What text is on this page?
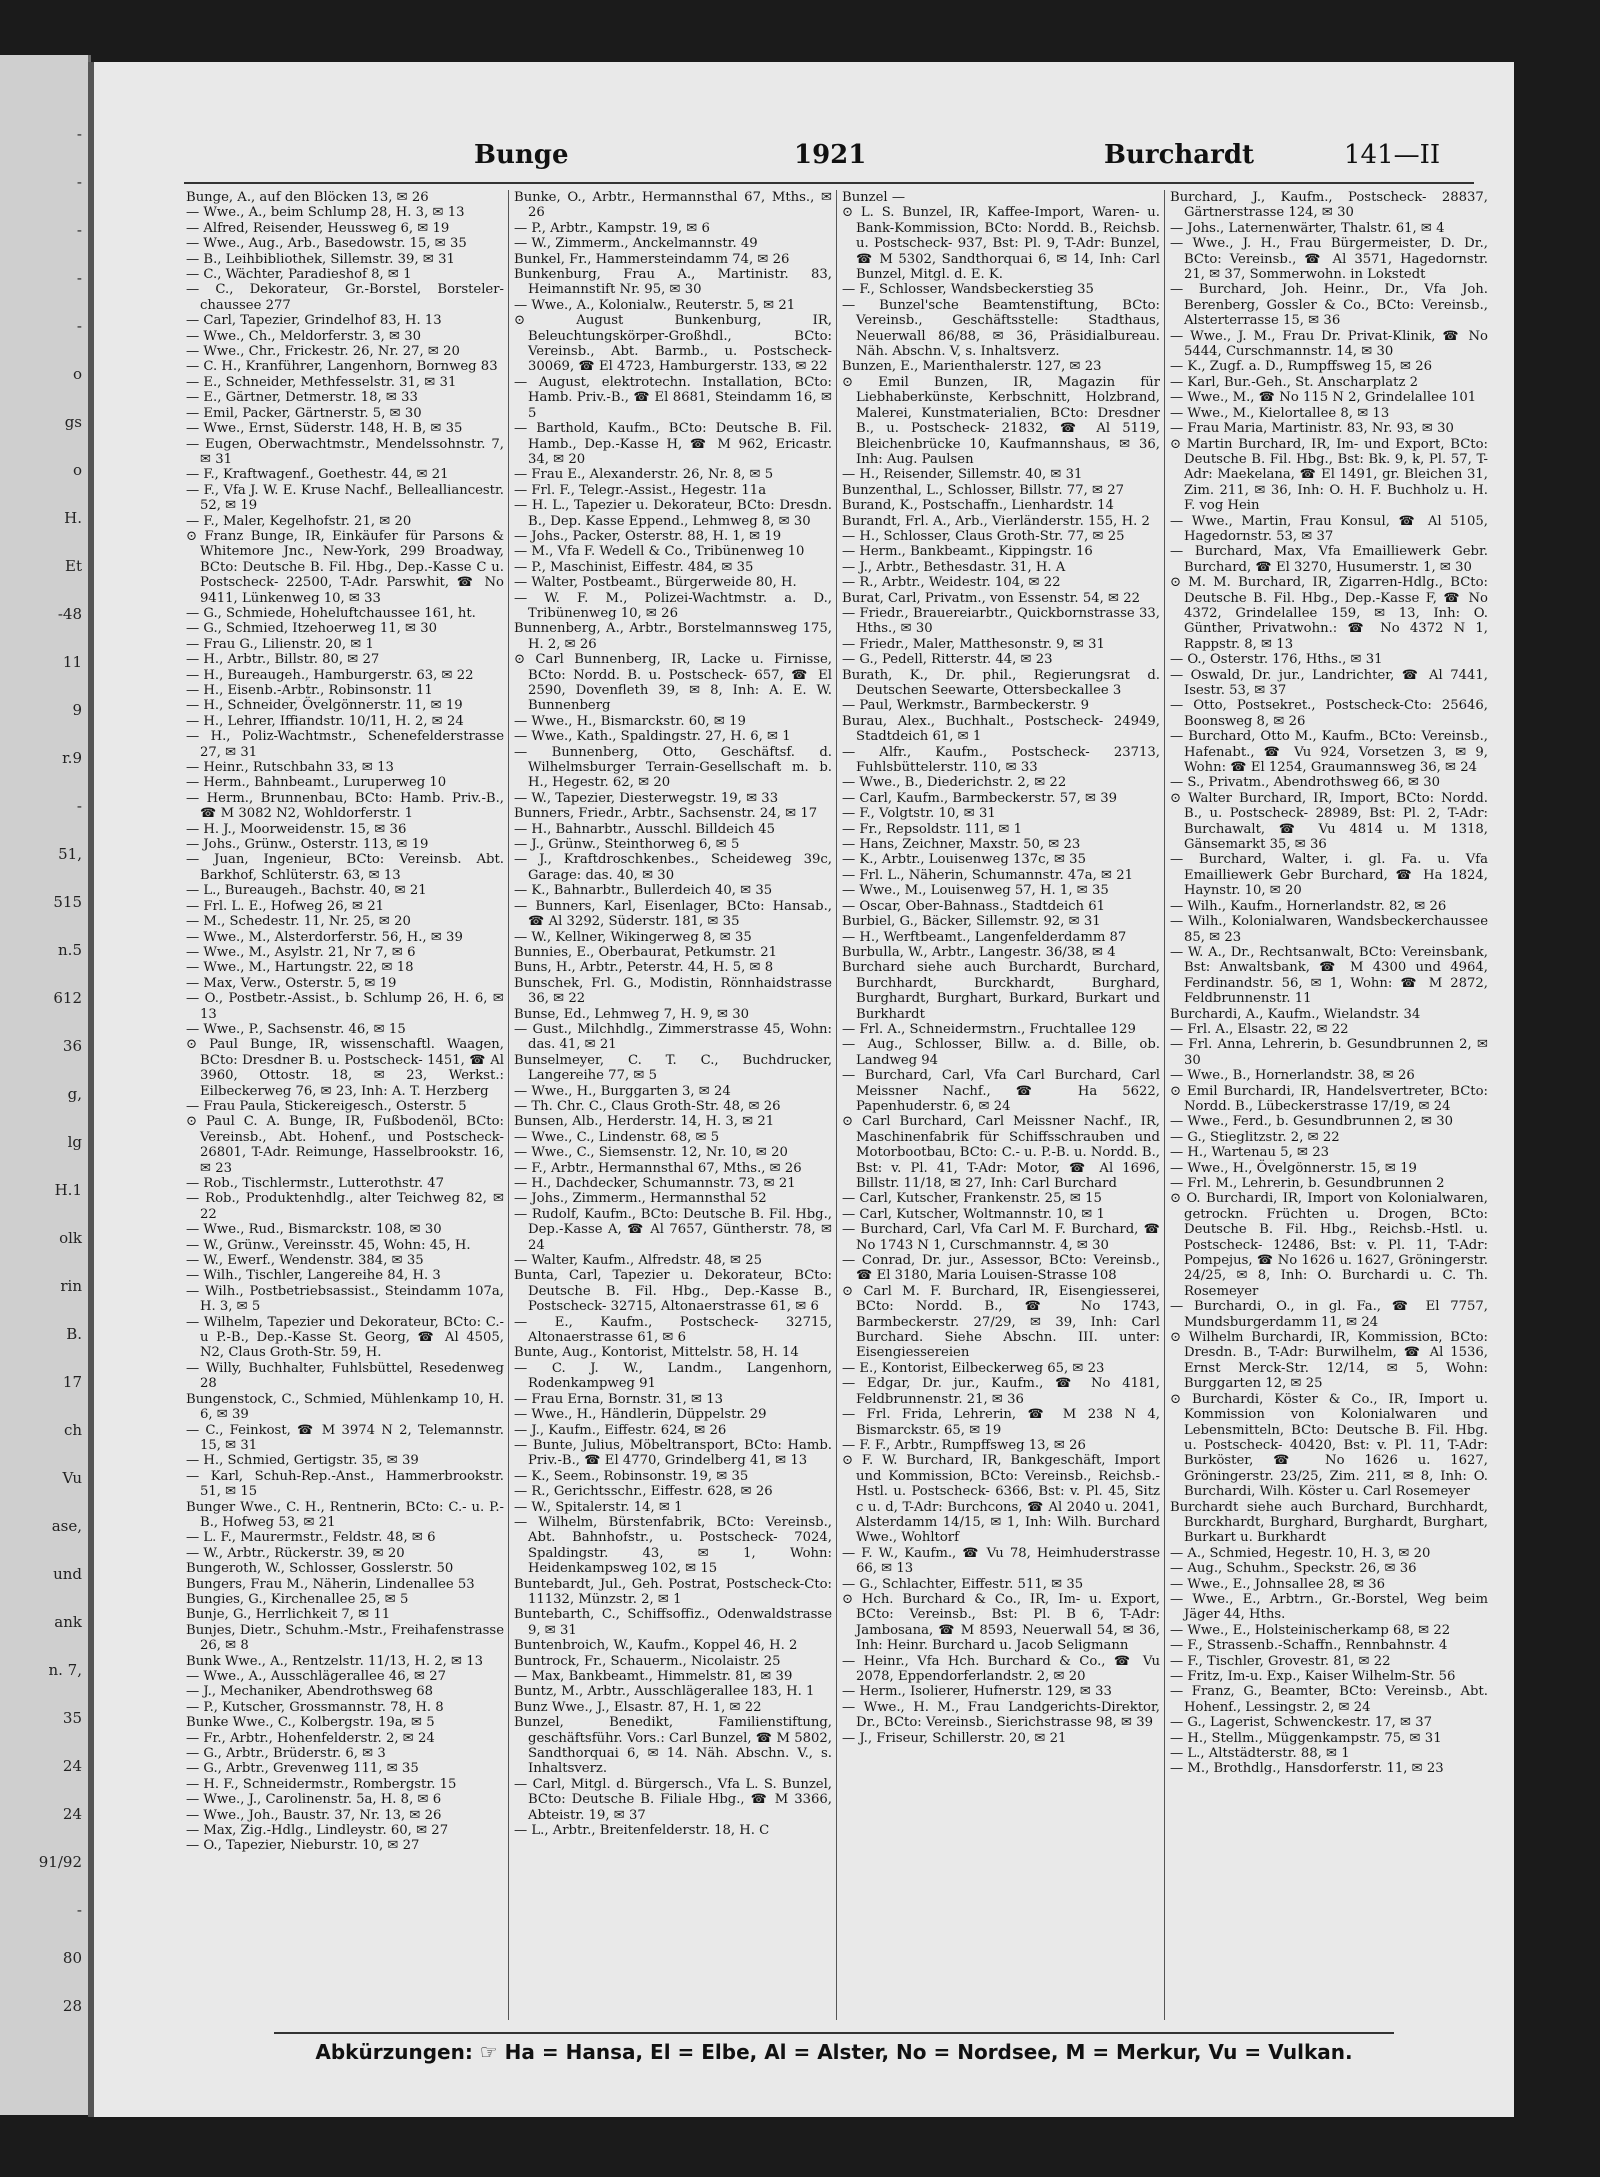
-
-
-
-
-
o
gs
o
H.
Et
-48
11
9
r.9
-
51,
515
n.5
612
36
g,
lg
H.1
olk
rin
B.
17
ch
Vu
ase,
und
ank
n. 7,
35
24
24
91/92
-
80
28
Bunge	1921	Burchardt	141—II

Bunge, A., auf den Blöcken 13, ✉ 26

— Wwe., A., beim Schlump 28, H. 3, ✉ 13

— Alfred, Reisender, Heussweg 6, ✉ 19

— Wwe., Aug., Arb., Basedowstr. 15, ✉ 35

— B., Leihbibliothek, Sillemstr. 39, ✉ 31

— C., Wächter, Paradieshof 8, ✉ 1

— C., Dekorateur, Gr.-Borstel, Borsteler-chaussee 277

— Carl, Tapezier, Grindelhof 83, H. 13

— Wwe., Ch., Meldorferstr. 3, ✉ 30

— Wwe., Chr., Frickestr. 26, Nr. 27, ✉ 20

— C. H., Kranführer, Langenhorn, Bornweg 83

— E., Schneider, Methfesselstr. 31, ✉ 31

— E., Gärtner, Detmerstr. 18, ✉ 33

— Emil, Packer, Gärtnerstr. 5, ✉ 30

— Wwe., Ernst, Süderstr. 148, H. B, ✉ 35

— Eugen, Oberwachtmstr., Mendelssohnstr. 7, ✉ 31

— F., Kraftwagenf., Goethestr. 44, ✉ 21

— F., Vfa J. W. E. Kruse Nachf., Bellealliancestr. 52, ✉ 19

— F., Maler, Kegelhofstr. 21, ✉ 20

⊙ Franz Bunge, IR, Einkäufer für Parsons & Whitemore Jnc., New-York, 299 Broadway, BCto: Deutsche B. Fil. Hbg., Dep.-Kasse C u. Postscheck- 22500, T-Adr. Parswhit, ☎ No 9411, Lünkenweg 10, ✉ 33

— G., Schmiede, Hoheluftchaussee 161, ht.

— G., Schmied, Itzehoerweg 11, ✉ 30

— Frau G., Lilienstr. 20, ✉ 1

— H., Arbtr., Billstr. 80, ✉ 27

— H., Bureaugeh., Hamburgerstr. 63, ✉ 22

— H., Eisenb.-Arbtr., Robinsonstr. 11

— H., Schneider, Övelgönnerstr. 11, ✉ 19

— H., Lehrer, Iffiandstr. 10/11, H. 2, ✉ 24

— H., Poliz-Wachtmstr., Schenefelderstrasse 27, ✉ 31

— Heinr., Rutschbahn 33, ✉ 13

— Herm., Bahnbeamt., Luruperweg 10

— Herm., Brunnenbau, BCto: Hamb. Priv.-B., ☎ M 3082 N2, Wohldorferstr. 1

— H. J., Moorweidenstr. 15, ✉ 36

— Johs., Grünw., Osterstr. 113, ✉ 19

— Juan, Ingenieur, BCto: Vereinsb. Abt. Barkhof, Schlüterstr. 63, ✉ 13

— L., Bureaugeh., Bachstr. 40, ✉ 21

— Frl. L. E., Hofweg 26, ✉ 21

— M., Schedestr. 11, Nr. 25, ✉ 20

— Wwe., M., Alsterdorferstr. 56, H., ✉ 39

— Wwe., M., Asylstr. 21, Nr 7, ✉ 6

— Wwe., M., Hartungstr. 22, ✉ 18

— Max, Verw., Osterstr. 5, ✉ 19

— O., Postbetr.-Assist., b. Schlump 26, H. 6, ✉ 13

— Wwe., P., Sachsenstr. 46, ✉ 15

⊙ Paul Bunge, IR, wissenschaftl. Waagen, BCto: Dresdner B. u. Postscheck- 1451, ☎ Al 3960, Ottostr. 18, ✉ 23, Werkst.: Eilbeckerweg 76, ✉ 23, Inh: A. T. Herzberg

— Frau Paula, Stickereigesch., Osterstr. 5

⊙ Paul C. A. Bunge, IR, Fußbodenöl, BCto: Vereinsb., Abt. Hohenf., und Postscheck- 26801, T-Adr. Reimunge, Hasselbrookstr. 16, ✉ 23

— Rob., Tischlermstr., Lutterothstr. 47

— Rob., Produktenhdlg., alter Teichweg 82, ✉ 22

— Wwe., Rud., Bismarckstr. 108, ✉ 30

— W., Grünw., Vereinsstr. 45, Wohn: 45, H.

— W., Ewerf., Wendenstr. 384, ✉ 35

— Wilh., Tischler, Langereihe 84, H. 3

— Wilh., Postbetriebsassist., Steindamm 107a, H. 3, ✉ 5

— Wilhelm, Tapezier und Dekorateur, BCto: C.-u P.-B., Dep.-Kasse St. Georg, ☎ Al 4505, N2, Claus Groth-Str. 59, H.

— Willy, Buchhalter, Fuhlsbüttel, Resedenweg 28

Bungenstock, C., Schmied, Mühlenkamp 10, H. 6, ✉ 39

— C., Feinkost, ☎ M 3974 N 2, Telemannstr. 15, ✉ 31

— H., Schmied, Gertigstr. 35, ✉ 39

— Karl, Schuh-Rep.-Anst., Hammerbrookstr. 51, ✉ 15

Bunger Wwe., C. H., Rentnerin, BCto: C.- u. P.-B., Hofweg 53, ✉ 21

— L. F., Maurermstr., Feldstr. 48, ✉ 6

— W., Arbtr., Rückerstr. 39, ✉ 20

Bungeroth, W., Schlosser, Gosslerstr. 50

Bungers, Frau M., Näherin, Lindenallee 53

Bungies, G., Kirchenallee 25, ✉ 5

Bunje, G., Herrlichkeit 7, ✉ 11

Bunjes, Dietr., Schuhm.-Mstr., Freihafenstrasse 26, ✉ 8

Bunk Wwe., A., Rentzelstr. 11/13, H. 2, ✉ 13

— Wwe., A., Ausschlägerallee 46, ✉ 27

— J., Mechaniker, Abendrothsweg 68

— P., Kutscher, Grossmannstr. 78, H. 8

Bunke Wwe., C., Kolbergstr. 19a, ✉ 5

— Fr., Arbtr., Hohenfelderstr. 2, ✉ 24

— G., Arbtr., Brüderstr. 6, ✉ 3

— G., Arbtr., Grevenweg 111, ✉ 35

— H. F., Schneidermstr., Rombergstr. 15

— Wwe., J., Carolinenstr. 5a, H. 8, ✉ 6

— Wwe., Joh., Baustr. 37, Nr. 13, ✉ 26

— Max, Zig.-Hdlg., Lindleystr. 60, ✉ 27

— O., Tapezier, Nieburstr. 10, ✉ 27

Bunke, O., Arbtr., Hermannsthal 67, Mths., ✉ 26

— P., Arbtr., Kampstr. 19, ✉ 6

— W., Zimmerm., Anckelmannstr. 49

Bunkel, Fr., Hammersteindamm 74, ✉ 26

Bunkenburg, Frau A., Martinistr. 83, Heimannstift Nr. 95, ✉ 30

— Wwe., A., Kolonialw., Reuterstr. 5, ✉ 21

⊙ August Bunkenburg, IR, Beleuchtungskörper-Großhdl., BCto: Vereinsb., Abt. Barmb., u. Postscheck- 30069, ☎ El 4723, Hamburgerstr. 133, ✉ 22

— August, elektrotechn. Installation, BCto: Hamb. Priv.-B., ☎ El 8681, Steindamm 16, ✉ 5

— Barthold, Kaufm., BCto: Deutsche B. Fil. Hamb., Dep.-Kasse H, ☎ M 962, Ericastr. 34, ✉ 20

— Frau E., Alexanderstr. 26, Nr. 8, ✉ 5

— Frl. F., Telegr.-Assist., Hegestr. 11a

— H. L., Tapezier u. Dekorateur, BCto: Dresdn. B., Dep. Kasse Eppend., Lehmweg 8, ✉ 30

— Johs., Packer, Osterstr. 88, H. 1, ✉ 19

— M., Vfa F. Wedell & Co., Tribünenweg 10

— P., Maschinist, Eiffestr. 484, ✉ 35

— Walter, Postbeamt., Bürgerweide 80, H.

— W. F. M., Polizei-Wachtmstr. a. D., Tribünenweg 10, ✉ 26

Bunnenberg, A., Arbtr., Borstelmannsweg 175, H. 2, ✉ 26

⊙ Carl Bunnenberg, IR, Lacke u. Firnisse, BCto: Nordd. B. u. Postscheck- 657, ☎ El 2590, Dovenfleth 39, ✉ 8, Inh: A. E. W. Bunnenberg

— Wwe., H., Bismarckstr. 60, ✉ 19

— Wwe., Kath., Spaldingstr. 27, H. 6, ✉ 1

— Bunnenberg, Otto, Geschäftsf. d. Wilhelmsburger Terrain-Gesellschaft m. b. H., Hegestr. 62, ✉ 20

— W., Tapezier, Diesterwegstr. 19, ✉ 33

Bunners, Friedr., Arbtr., Sachsenstr. 24, ✉ 17

— H., Bahnarbtr., Ausschl. Billdeich 45

— J., Grünw., Steinthorweg 6, ✉ 5

— J., Kraftdroschkenbes., Scheideweg 39c, Garage: das. 40, ✉ 30

— K., Bahnarbtr., Bullerdeich 40, ✉ 35

— Bunners, Karl, Eisenlager, BCto: Hansab., ☎ Al 3292, Süderstr. 181, ✉ 35

— W., Kellner, Wikingerweg 8, ✉ 35

Bunnies, E., Oberbaurat, Petkumstr. 21

Buns, H., Arbtr., Peterstr. 44, H. 5, ✉ 8

Bunschek, Frl. G., Modistin, Rönnhaidstrasse 36, ✉ 22

Bunse, Ed., Lehmweg 7, H. 9, ✉ 30

— Gust., Milchhdlg., Zimmerstrasse 45, Wohn: das. 41, ✉ 21

Bunselmeyer, C. T. C., Buchdrucker, Langereihe 77, ✉ 5

— Wwe., H., Burggarten 3, ✉ 24

— Th. Chr. C., Claus Groth-Str. 48, ✉ 26

Bunsen, Alb., Herderstr. 14, H. 3, ✉ 21

— Wwe., C., Lindenstr. 68, ✉ 5

— Wwe., C., Siemsenstr. 12, Nr. 10, ✉ 20

— F., Arbtr., Hermannsthal 67, Mths., ✉ 26

— H., Dachdecker, Schumannstr. 73, ✉ 21

— Johs., Zimmerm., Hermannsthal 52

— Rudolf, Kaufm., BCto: Deutsche B. Fil. Hbg., Dep.-Kasse A, ☎ Al 7657, Güntherstr. 78, ✉ 24

— Walter, Kaufm., Alfredstr. 48, ✉ 25

Bunta, Carl, Tapezier u. Dekorateur, BCto: Deutsche B. Fil. Hbg., Dep.-Kasse B., Postscheck- 32715, Altonaerstrasse 61, ✉ 6

— E., Kaufm., Postscheck- 32715, Altonaerstrasse 61, ✉ 6

Bunte, Aug., Kontorist, Mittelstr. 58, H. 14

— C. J. W., Landm., Langenhorn, Rodenkampweg 91

— Frau Erna, Bornstr. 31, ✉ 13

— Wwe., H., Händlerin, Düppelstr. 29

— J., Kaufm., Eiffestr. 624, ✉ 26

— Bunte, Julius, Möbeltransport, BCto: Hamb. Priv.-B., ☎ El 4770, Grindelberg 41, ✉ 13

— K., Seem., Robinsonstr. 19, ✉ 35

— R., Gerichtsschr., Eiffestr. 628, ✉ 26

— W., Spitalerstr. 14, ✉ 1

— Wilhelm, Bürstenfabrik, BCto: Vereinsb., Abt. Bahnhofstr., u. Postscheck- 7024, Spaldingstr. 43, ✉ 1, Wohn: Heidenkampsweg 102, ✉ 15

Buntebardt, Jul., Geh. Postrat, Postscheck-Cto: 11132, Münzstr. 2, ✉ 1

Buntebarth, C., Schiffsoffiz., Odenwaldstrasse 9, ✉ 31

Buntenbroich, W., Kaufm., Koppel 46, H. 2

Buntrock, Fr., Schauerm., Nicolaistr. 25

— Max, Bankbeamt., Himmelstr. 81, ✉ 39

Buntz, M., Arbtr., Ausschlägerallee 183, H. 1

Bunz Wwe., J., Elsastr. 87, H. 1, ✉ 22

Bunzel, Benedikt, Familienstiftung, geschäftsführ. Vors.: Carl Bunzel, ☎ M 5802, Sandthorquai 6, ✉ 14. Näh. Abschn. V., s. Inhaltsverz.

— Carl, Mitgl. d. Bürgersch., Vfa L. S. Bunzel, BCto: Deutsche B. Filiale Hbg., ☎ M 3366, Abteistr. 19, ✉ 37

— L., Arbtr., Breitenfelderstr. 18, H. C

Bunzel —

⊙ L. S. Bunzel, IR, Kaffee-Import, Waren- u. Bank-Kommission, BCto: Nordd. B., Reichsb. u. Postscheck- 937, Bst: Pl. 9, T-Adr: Bunzel, ☎ M 5302, Sandthorquai 6, ✉ 14, Inh: Carl Bunzel, Mitgl. d. E. K.

— F., Schlosser, Wandsbeckerstieg 35

— Bunzel'sche Beamtenstiftung, BCto: Vereinsb., Geschäftsstelle: Stadthaus, Neuerwall 86/88, ✉ 36, Präsidialbureau. Näh. Abschn. V, s. Inhaltsverz.

Bunzen, E., Marienthalerstr. 127, ✉ 23

⊙ Emil Bunzen, IR, Magazin für Liebhaberkünste, Kerbschnitt, Holzbrand, Malerei, Kunstmaterialien, BCto: Dresdner B., u. Postscheck- 21832, ☎ Al 5119, Bleichenbrücke 10, Kaufmannshaus, ✉ 36, Inh: Aug. Paulsen

— H., Reisender, Sillemstr. 40, ✉ 31

Bunzenthal, L., Schlosser, Billstr. 77, ✉ 27

Burand, K., Postschaffn., Lienhardstr. 14

Burandt, Frl. A., Arb., Vierländerstr. 155, H. 2

— H., Schlosser, Claus Groth-Str. 77, ✉ 25

— Herm., Bankbeamt., Kippingstr. 16

— J., Arbtr., Bethesdastr. 31, H. A

— R., Arbtr., Weidestr. 104, ✉ 22

Burat, Carl, Privatm., von Essenstr. 54, ✉ 22

— Friedr., Brauereiarbtr., Quickbornstrasse 33, Hths., ✉ 30

— Friedr., Maler, Matthesonstr. 9, ✉ 31

— G., Pedell, Ritterstr. 44, ✉ 23

Burath, K., Dr. phil., Regierungsrat d. Deutschen Seewarte, Ottersbeckallee 3

— Paul, Werkmstr., Barmbeckerstr. 9

Burau, Alex., Buchhalt., Postscheck- 24949, Stadtdeich 61, ✉ 1

— Alfr., Kaufm., Postscheck- 23713, Fuhlsbüttelerstr. 110, ✉ 33

— Wwe., B., Diederichstr. 2, ✉ 22

— Carl, Kaufm., Barmbeckerstr. 57, ✉ 39

— F., Volgtstr. 10, ✉ 31

— Fr., Repsoldstr. 111, ✉ 1

— Hans, Zeichner, Maxstr. 50, ✉ 23

— K., Arbtr., Louisenweg 137c, ✉ 35

— Frl. L., Näherin, Schumannstr. 47a, ✉ 21

— Wwe., M., Louisenweg 57, H. 1, ✉ 35

— Oscar, Ober-Bahnass., Stadtdeich 61

Burbiel, G., Bäcker, Sillemstr. 92, ✉ 31

— H., Werftbeamt., Langenfelderdamm 87

Burbulla, W., Arbtr., Langestr. 36/38, ✉ 4

Burchard siehe auch Burchardt, Burchard, Burchhardt, Burckhardt, Burghard, Burghardt, Burghart, Burkard, Burkart und Burkhardt

— Frl. A., Schneidermstrn., Fruchtallee 129

— Aug., Schlosser, Billw. a. d. Bille, ob. Landweg 94

— Burchard, Carl, Vfa Carl Burchard, Carl Meissner Nachf., ☎ Ha 5622, Papenhuderstr. 6, ✉ 24

⊙ Carl Burchard, Carl Meissner Nachf., IR, Maschinenfabrik für Schiffsschrauben und Motorbootbau, BCto: C.- u. P.-B. u. Nordd. B., Bst: v. Pl. 41, T-Adr: Motor, ☎ Al 1696, Billstr. 11/18, ✉ 27, Inh: Carl Burchard

— Carl, Kutscher, Frankenstr. 25, ✉ 15

— Carl, Kutscher, Woltmannstr. 10, ✉ 1

— Burchard, Carl, Vfa Carl M. F. Burchard, ☎ No 1743 N 1, Curschmannstr. 4, ✉ 30

— Conrad, Dr. jur., Assessor, BCto: Vereinsb., ☎ El 3180, Maria Louisen-Strasse 108

⊙ Carl M. F. Burchard, IR, Eisengiesserei, BCto: Nordd. B., ☎ No 1743, Barmbeckerstr. 27/29, ✉ 39, Inh: Carl Burchard. Siehe Abschn. III. unter: Eisengiessereien

— E., Kontorist, Eilbeckerweg 65, ✉ 23

— Edgar, Dr. jur., Kaufm., ☎ No 4181, Feldbrunnenstr. 21, ✉ 36

— Frl. Frida, Lehrerin, ☎ M 238 N 4, Bismarckstr. 65, ✉ 19

— F. F., Arbtr., Rumpffsweg 13, ✉ 26

⊙ F. W. Burchard, IR, Bankgeschäft, Import und Kommission, BCto: Vereinsb., Reichsb.-Hstl. u. Postscheck- 6366, Bst: v. Pl. 45, Sitz c u. d, T-Adr: Burchcons, ☎ Al 2040 u. 2041, Alsterdamm 14/15, ✉ 1, Inh: Wilh. Burchard Wwe., Wohltorf

— F. W., Kaufm., ☎ Vu 78, Heimhuderstrasse 66, ✉ 13

— G., Schlachter, Eiffestr. 511, ✉ 35

⊙ Hch. Burchard & Co., IR, Im- u. Export, BCto: Vereinsb., Bst: Pl. B 6, T-Adr: Jambosana, ☎ M 8593, Neuerwall 54, ✉ 36, Inh: Heinr. Burchard u. Jacob Seligmann

— Heinr., Vfa Hch. Burchard & Co., ☎ Vu 2078, Eppendorferlandstr. 2, ✉ 20

— Herm., Isolierer, Hufnerstr. 129, ✉ 33

— Wwe., H. M., Frau Landgerichts-Direktor, Dr., BCto: Vereinsb., Sierichstrasse 98, ✉ 39

— J., Friseur, Schillerstr. 20, ✉ 21

Burchard, J., Kaufm., Postscheck- 28837, Gärtnerstrasse 124, ✉ 30

— Johs., Laternenwärter, Thalstr. 61, ✉ 4

— Wwe., J. H., Frau Bürgermeister, D. Dr., BCto: Vereinsb., ☎ Al 3571, Hagedornstr. 21, ✉ 37, Sommerwohn. in Lokstedt

— Burchard, Joh. Heinr., Dr., Vfa Joh. Berenberg, Gossler & Co., BCto: Vereinsb., Alsterterrasse 15, ✉ 36

— Wwe., J. M., Frau Dr. Privat-Klinik, ☎ No 5444, Curschmannstr. 14, ✉ 30

— K., Zugf. a. D., Rumpffsweg 15, ✉ 26

— Karl, Bur.-Geh., St. Anscharplatz 2

— Wwe., M., ☎ No 115 N 2, Grindelallee 101

— Wwe., M., Kielortallee 8, ✉ 13

— Frau Maria, Martinistr. 83, Nr. 93, ✉ 30

⊙ Martin Burchard, IR, Im- und Export, BCto: Deutsche B. Fil. Hbg., Bst: Bk. 9, k, Pl. 57, T-Adr: Maekelana, ☎ El 1491, gr. Bleichen 31, Zim. 211, ✉ 36, Inh: O. H. F. Buchholz u. H. F. vog Hein

— Wwe., Martin, Frau Konsul, ☎ Al 5105, Hagedornstr. 53, ✉ 37

— Burchard, Max, Vfa Emailliewerk Gebr. Burchard, ☎ El 3270, Husumerstr. 1, ✉ 30

⊙ M. M. Burchard, IR, Zigarren-Hdlg., BCto: Deutsche B. Fil. Hbg., Dep.-Kasse F, ☎ No 4372, Grindelallee 159, ✉ 13, Inh: O. Günther, Privatwohn.: ☎ No 4372 N 1, Rappstr. 8, ✉ 13

— O., Osterstr. 176, Hths., ✉ 31

— Oswald, Dr. jur., Landrichter, ☎ Al 7441, Isestr. 53, ✉ 37

— Otto, Postsekret., Postscheck-Cto: 25646, Boonsweg 8, ✉ 26

— Burchard, Otto M., Kaufm., BCto: Vereinsb., Hafenabt., ☎ Vu 924, Vorsetzen 3, ✉ 9, Wohn: ☎ El 1254, Graumannsweg 36, ✉ 24

— S., Privatm., Abendrothsweg 66, ✉ 30

⊙ Walter Burchard, IR, Import, BCto: Nordd. B., u. Postscheck- 28989, Bst: Pl. 2, T-Adr: Burchawalt, ☎ Vu 4814 u. M 1318, Gänsemarkt 35, ✉ 36

— Burchard, Walter, i. gl. Fa. u. Vfa Emailliewerk Gebr Burchard, ☎ Ha 1824, Haynstr. 10, ✉ 20

— Wilh., Kaufm., Hornerlandstr. 82, ✉ 26

— Wilh., Kolonialwaren, Wandsbeckerchaussee 85, ✉ 23

— W. A., Dr., Rechtsanwalt, BCto: Vereinsbank, Bst: Anwaltsbank, ☎ M 4300 und 4964, Ferdinandstr. 56, ✉ 1, Wohn: ☎ M 2872, Feldbrunnenstr. 11

Burchardi, A., Kaufm., Wielandstr. 34

— Frl. A., Elsastr. 22, ✉ 22

— Frl. Anna, Lehrerin, b. Gesundbrunnen 2, ✉ 30

— Wwe., B., Hornerlandstr. 38, ✉ 26

⊙ Emil Burchardi, IR, Handelsvertreter, BCto: Nordd. B., Lübeckerstrasse 17/19, ✉ 24

— Wwe., Ferd., b. Gesundbrunnen 2, ✉ 30

— G., Stieglitzstr. 2, ✉ 22

— H., Wartenau 5, ✉ 23

— Wwe., H., Övelgönnerstr. 15, ✉ 19

— Frl. M., Lehrerin, b. Gesundbrunnen 2

⊙ O. Burchardi, IR, Import von Kolonialwaren, getrockn. Früchten u. Drogen, BCto: Deutsche B. Fil. Hbg., Reichsb.-Hstl. u. Postscheck- 12486, Bst: v. Pl. 11, T-Adr: Pompejus, ☎ No 1626 u. 1627, Gröningerstr. 24/25, ✉ 8, Inh: O. Burchardi u. C. Th. Rosemeyer

— Burchardi, O., in gl. Fa., ☎ El 7757, Mundsburgerdamm 11, ✉ 24

⊙ Wilhelm Burchardi, IR, Kommission, BCto: Dresdn. B., T-Adr: Burwilhelm, ☎ Al 1536, Ernst Merck-Str. 12/14, ✉ 5, Wohn: Burggarten 12, ✉ 25

⊙ Burchardi, Köster & Co., IR, Import u. Kommission von Kolonialwaren und Lebensmitteln, BCto: Deutsche B. Fil. Hbg. u. Postscheck- 40420, Bst: v. Pl. 11, T-Adr: Burköster, ☎ No 1626 u. 1627, Gröningerstr. 23/25, Zim. 211, ✉ 8, Inh: O. Burchardi, Wilh. Köster u. Carl Rosemeyer

Burchardt siehe auch Burchard, Burchhardt, Burckhardt, Burghard, Burghardt, Burghart, Burkart u. Burkhardt

— A., Schmied, Hegestr. 10, H. 3, ✉ 20

— Aug., Schuhm., Speckstr. 26, ✉ 36

— Wwe., E., Johnsallee 28, ✉ 36

— Wwe., E., Arbtrn., Gr.-Borstel, Weg beim Jäger 44, Hths.

— Wwe., E., Holsteinischerkamp 68, ✉ 22

— F., Strassenb.-Schaffn., Rennbahnstr. 4

— F., Tischler, Grovestr. 81, ✉ 22

— Fritz, Im-u. Exp., Kaiser Wilhelm-Str. 56

— Franz, G., Beamter, BCto: Vereinsb., Abt. Hohenf., Lessingstr. 2, ✉ 24

— G., Lagerist, Schwenckestr. 17, ✉ 37

— H., Stellm., Müggenkampstr. 75, ✉ 31

— L., Altstädterstr. 88, ✉ 1

— M., Brothdlg., Hansdorferstr. 11, ✉ 23

Abkürzungen: ☞ Ha = Hansa, El = Elbe, Al = Alster, No = Nordsee, M = Merkur, Vu = Vulkan.
